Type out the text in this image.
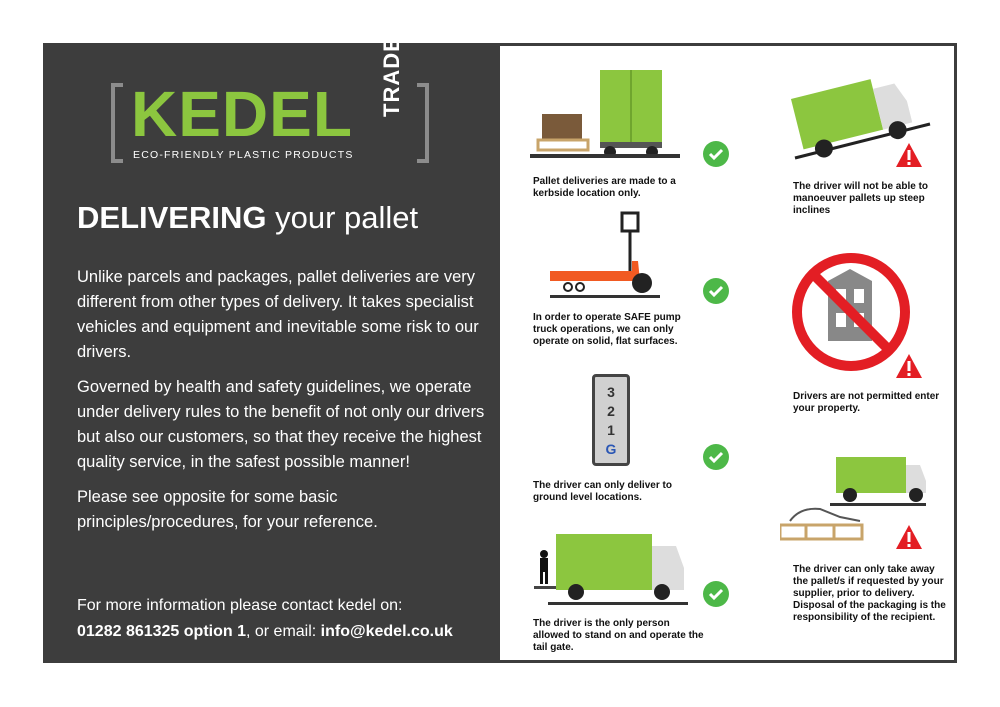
KEDEL TRADE
ECO-FRIENDLY PLASTIC PRODUCTS
DELIVERING your pallet

Unlike parcels and packages, pallet deliveries are very different from other types of delivery. It takes specialist vehicles and equipment and inevitable some risk to our drivers.

Governed by health and safety guidelines, we operate under delivery rules to the benefit of not only our drivers but also our customers, so that they receive the highest quality service, in the safest possible manner!

Please see opposite for some basic principles/procedures, for your reference.

For more information please contact kedel on:
01282 861325 option 1, or email: info@kedel.co.uk
Pallet deliveries are made to a kerbside location only.
In order to operate SAFE pump truck operations, we can only operate on solid, flat surfaces.
3
2
1
G
The driver can only deliver to ground level locations.
The driver is the only person allowed to stand on and operate the tail gate.
The driver will not be able to manoeuver pallets up steep inclines
Drivers are not permitted enter your property.
The driver can only take away the pallet/s if requested by your supplier, prior to delivery. Disposal of the packaging is the responsibility of the recipient.
